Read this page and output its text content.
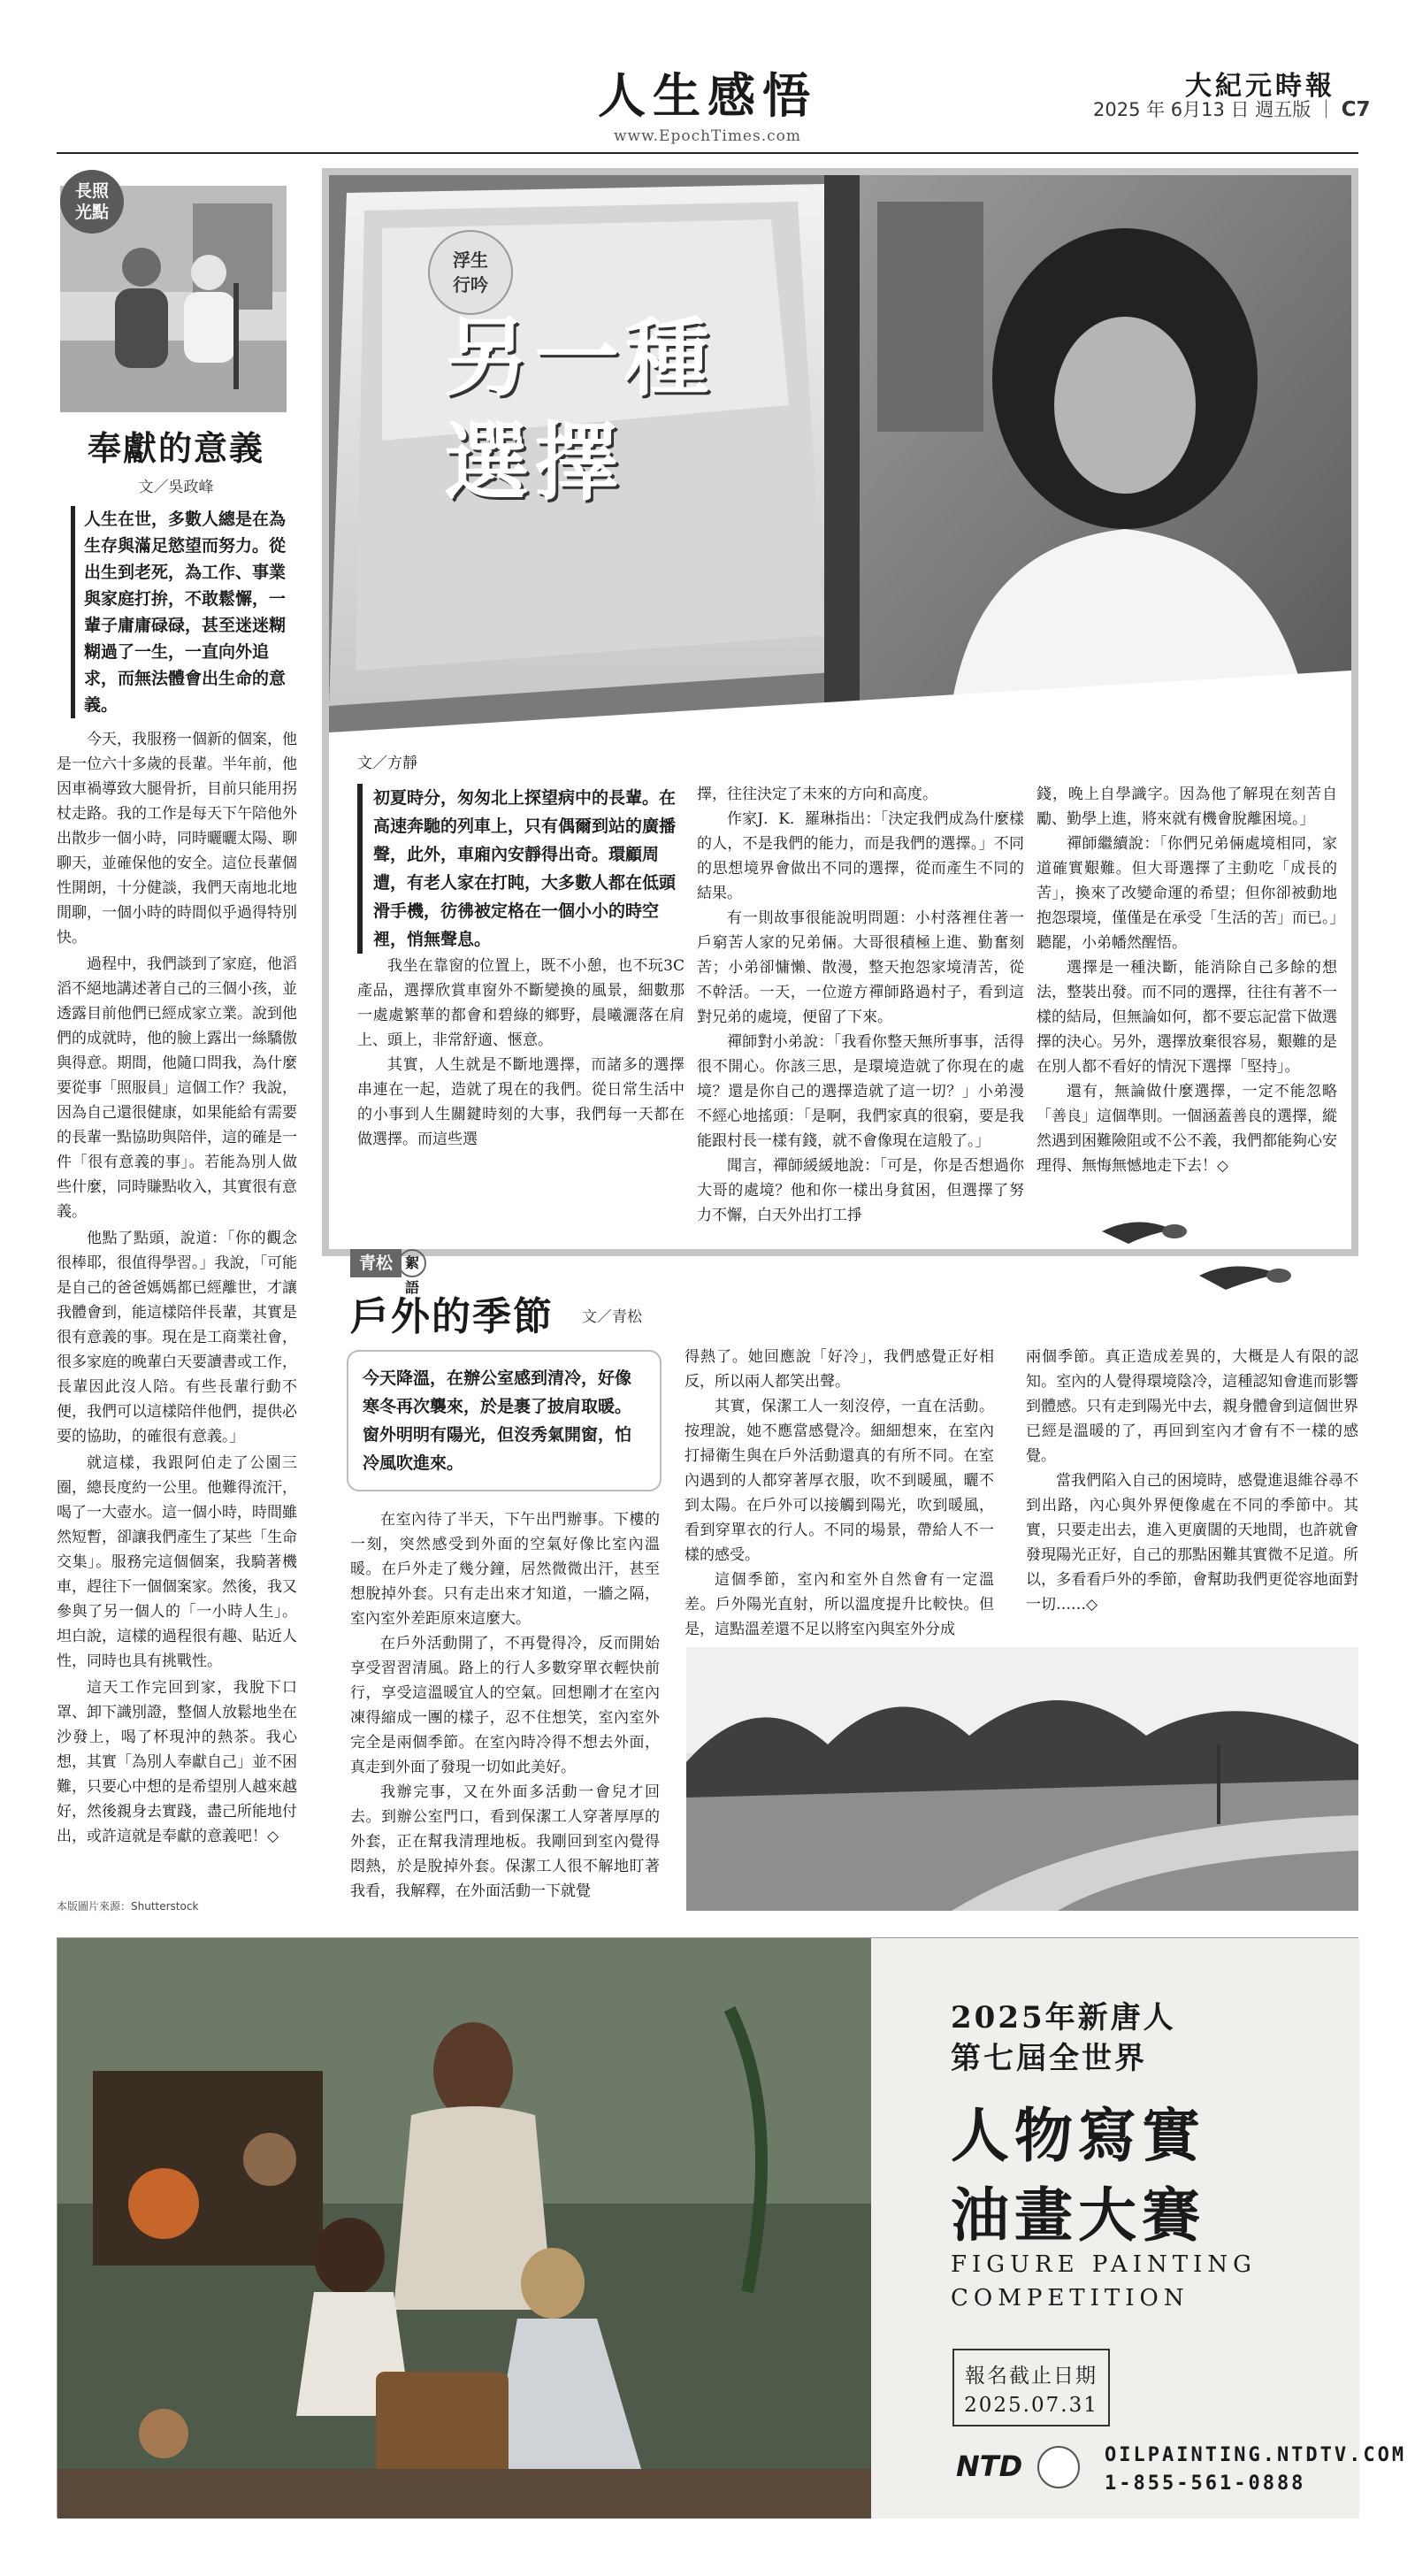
人生感悟
www.EpochTimes.com
大紀元時報
2025 年 6月13 日 週五版 ｜ C7
長照
光點
奉獻的意義
文／吳政峰
人生在世，多數人總是在為生存與滿足慾望而努力。從出生到老死，為工作、事業與家庭打拚，不敢鬆懈，一輩子庸庸碌碌，甚至迷迷糊糊過了一生，一直向外追求，而無法體會出生命的意義。

今天，我服務一個新的個案，他是一位六十多歲的長輩。半年前，他因車禍導致大腿骨折，目前只能用拐杖走路。我的工作是每天下午陪他外出散步一個小時，同時曬曬太陽、聊聊天，並確保他的安全。這位長輩個性開朗，十分健談，我們天南地北地閒聊，一個小時的時間似乎過得特別快。

過程中，我們談到了家庭，他滔滔不絕地講述著自己的三個小孩，並透露目前他們已經成家立業。說到他們的成就時，他的臉上露出一絲驕傲與得意。期間，他隨口問我，為什麼要從事「照服員」這個工作？我說，因為自己還很健康，如果能給有需要的長輩一點協助與陪伴，這的確是一件「很有意義的事」。若能為別人做些什麼，同時賺點收入，其實很有意義。

他點了點頭，說道：「你的觀念很棒耶，很值得學習。」我說，「可能是自己的爸爸媽媽都已經離世，才讓我體會到，能這樣陪伴長輩，其實是很有意義的事。現在是工商業社會，很多家庭的晚輩白天要讀書或工作，長輩因此沒人陪。有些長輩行動不便，我們可以這樣陪伴他們，提供必要的協助，的確很有意義。」

就這樣，我跟阿伯走了公園三圈，總長度約一公里。他難得流汗，喝了一大壺水。這一個小時，時間雖然短暫，卻讓我們產生了某些「生命交集」。服務完這個個案，我騎著機車，趕往下一個個案家。然後，我又參與了另一個人的「一小時人生」。坦白說，這樣的過程很有趣、貼近人性，同時也具有挑戰性。

這天工作完回到家，我脫下口罩、卸下識別證，整個人放鬆地坐在沙發上，喝了杯現沖的熱茶。我心想，其實「為別人奉獻自己」並不困難，只要心中想的是希望別人越來越好，然後親身去實踐，盡己所能地付出，或許這就是奉獻的意義吧！◇

本版圖片來源：Shutterstock
浮生
行吟
另一種
選擇
文／方靜
初夏時分，匆匆北上探望病中的長輩。在高速奔馳的列車上，只有偶爾到站的廣播聲，此外，車廂內安靜得出奇。環顧周遭，有老人家在打盹，大多數人都在低頭滑手機，彷彿被定格在一個小小的時空裡，悄無聲息。

我坐在靠窗的位置上，既不小憩，也不玩3C產品，選擇欣賞車窗外不斷變換的風景，細數那一處處繁華的都會和碧綠的鄉野，晨曦灑落在肩上、頭上，非常舒適、愜意。

其實，人生就是不斷地選擇，而諸多的選擇串連在一起，造就了現在的我們。從日常生活中的小事到人生關鍵時刻的大事，我們每一天都在做選擇。而這些選

擇，往往決定了未來的方向和高度。

作家J．K．羅琳指出：「決定我們成為什麼樣的人，不是我們的能力，而是我們的選擇。」不同的思想境界會做出不同的選擇，從而產生不同的結果。

有一則故事很能說明問題：小村落裡住著一戶窮苦人家的兄弟倆。大哥很積極上進、勤奮刻苦；小弟卻慵懶、散漫，整天抱怨家境清苦，從不幹活。一天，一位遊方禪師路過村子，看到這對兄弟的處境，便留了下來。

禪師對小弟說：「我看你整天無所事事，活得很不開心。你該三思，是環境造就了你現在的處境？還是你自己的選擇造就了這一切？」小弟漫不經心地搖頭：「是啊，我們家真的很窮，要是我能跟村長一樣有錢，就不會像現在這般了。」

聞言，禪師緩緩地說：「可是，你是否想過你大哥的處境？他和你一樣出身貧困，但選擇了努力不懈，白天外出打工掙

錢，晚上自學識字。因為他了解現在刻苦自勵、勤學上進，將來就有機會脫離困境。」

禪師繼續說：「你們兄弟倆處境相同，家道確實艱難。但大哥選擇了主動吃「成長的苦」，換來了改變命運的希望；但你卻被動地抱怨環境，僅僅是在承受「生活的苦」而已。」聽罷，小弟幡然醒悟。

選擇是一種決斷，能消除自己多餘的想法，整裝出發。而不同的選擇，往往有著不一樣的結局，但無論如何，都不要忘記當下做選擇的決心。另外，選擇放棄很容易，艱難的是在別人都不看好的情況下選擇「堅持」。

還有，無論做什麼選擇，一定不能忽略「善良」這個準則。一個涵蓋善良的選擇，縱然遇到困難險阻或不公不義，我們都能夠心安理得、無悔無憾地走下去！◇

青松 絮語
戶外的季節 文／青松
今天降溫，在辦公室感到清冷，好像寒冬再次襲來，於是裹了披肩取暖。窗外明明有陽光，但沒秀氣開窗，怕冷風吹進來。

在室內待了半天，下午出門辦事。下樓的一刻，突然感受到外面的空氣好像比室內溫暖。在戶外走了幾分鐘，居然微微出汗，甚至想脫掉外套。只有走出來才知道，一牆之隔，室內室外差距原來這麼大。

在戶外活動開了，不再覺得冷，反而開始享受習習清風。路上的行人多數穿單衣輕快前行，享受這溫暖宜人的空氣。回想剛才在室內凍得縮成一團的樣子，忍不住想笑，室內室外完全是兩個季節。在室內時冷得不想去外面，真走到外面了發現一切如此美好。

我辦完事，又在外面多活動一會兒才回去。到辦公室門口，看到保潔工人穿著厚厚的外套，正在幫我清理地板。我剛回到室內覺得悶熱，於是脫掉外套。保潔工人很不解地盯著我看，我解釋，在外面活動一下就覺

得熱了。她回應說「好冷」，我們感覺正好相反，所以兩人都笑出聲。

其實，保潔工人一刻沒停，一直在活動。按理說，她不應當感覺冷。細細想來，在室內打掃衛生與在戶外活動還真的有所不同。在室內遇到的人都穿著厚衣服，吹不到暖風，曬不到太陽。在戶外可以接觸到陽光，吹到暖風，看到穿單衣的行人。不同的場景，帶給人不一樣的感受。

這個季節，室內和室外自然會有一定溫差。戶外陽光直射，所以溫度提升比較快。但是，這點溫差還不足以將室內與室外分成

兩個季節。真正造成差異的，大概是人有限的認知。室內的人覺得環境陰冷，這種認知會進而影響到體感。只有走到陽光中去，親身體會到這個世界已經是溫暖的了，再回到室內才會有不一樣的感覺。

當我們陷入自己的困境時，感覺進退維谷尋不到出路，內心與外界便像處在不同的季節中。其實，只要走出去，進入更廣闊的天地間，也許就會發現陽光正好，自己的那點困難其實微不足道。所以，多看看戶外的季節，會幫助我們更從容地面對一切……◇

2025年新唐人
第七屆全世界
人物寫實
油畫大賽
FIGURE PAINTING
COMPETITION
報名截止日期
2025.07.31
NTD	OILPAINTING.NTDTV.COM
1-855-561-0888
